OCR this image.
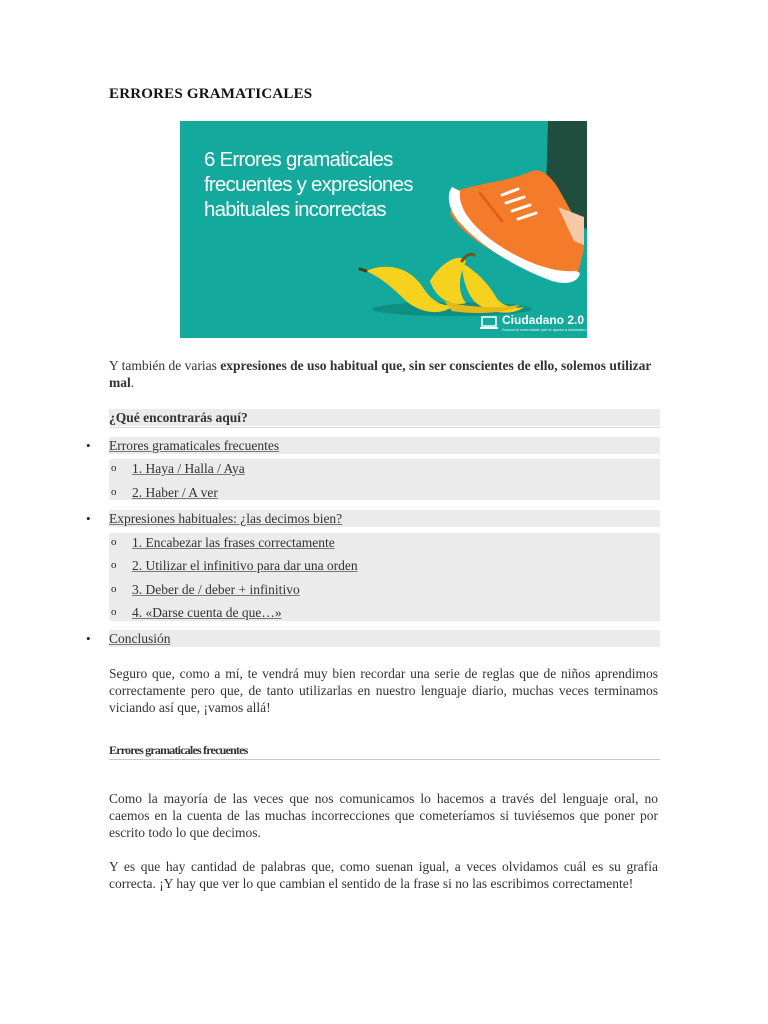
ERRORES GRAMATICALES
6 Errores gramaticales
frecuentes y expresiones
habituales incorrectas
Ciudadano 2.0
Somos la comunidad que te ayuda a ciudadano
Y también de varias expresiones de uso habitual que, sin ser conscientes de ello, solemos utilizar mal.
¿Qué encontrarás aquí?
•	Errores gramaticales frecuentes
o 1. Haya / Halla / Aya
o 2. Haber / A ver
•	Expresiones habituales: ¿las decimos bien?
o 1. Encabezar las frases correctamente
o 2. Utilizar el infinitivo para dar una orden
o 3. Deber de / deber + infinitivo
o 4. «Darse cuenta de que…»
•	Conclusión
Seguro que, como a mí, te vendrá muy bien recordar una serie de reglas que de niños aprendimos correctamente pero que, de tanto utilizarlas en nuestro lenguaje diario, muchas veces terminamos viciando así que, ¡vamos allá!
Errores gramaticales frecuentes
Como la mayoría de las veces que nos comunicamos lo hacemos a través del lenguaje oral, no caemos en la cuenta de las muchas incorrecciones que cometeríamos si tuviésemos que poner por escrito todo lo que decimos.
Y es que hay cantidad de palabras que, como suenan igual, a veces olvidamos cuál es su grafía correcta. ¡Y hay que ver lo que cambian el sentido de la frase si no las escribimos correctamente!
